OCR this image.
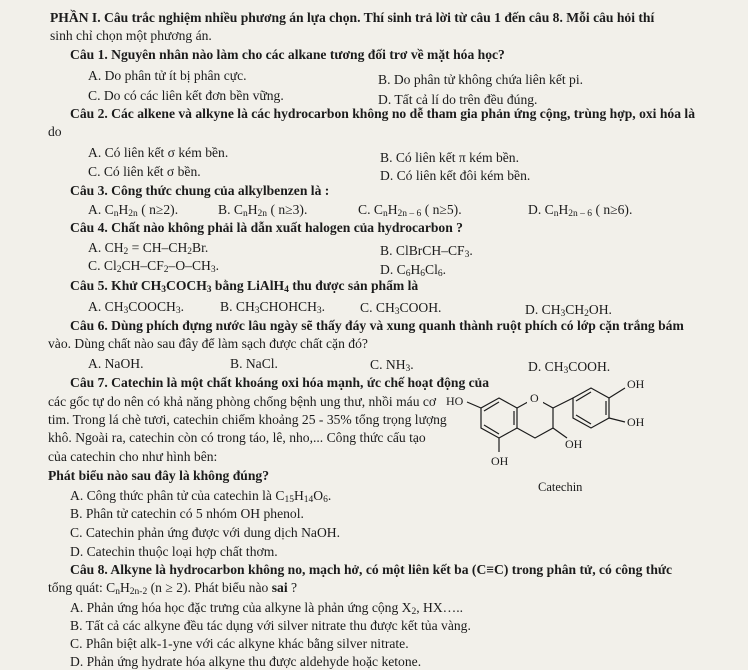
PHẦN I. Câu trắc nghiệm nhiều phương án lựa chọn. Thí sinh trả lời từ câu 1 đến câu 8. Mỗi câu hỏi thí
sinh chỉ chọn một phương án.
Câu 1. Nguyên nhân nào làm cho các alkane tương đối trơ về mặt hóa học?
A. Do phân tử ít bị phân cực.	B. Do phân tử không chứa liên kết pi.
C. Do có các liên kết đơn bền vững.	D. Tất cả lí do trên đều đúng.
Câu 2. Các alkene và alkyne là các hydrocarbon không no dễ tham gia phản ứng cộng, trùng hợp, oxi hóa là
do
A. Có liên kết σ kém bền.	B. Có liên kết π kém bền.
C. Có liên kết σ bền.	D. Có liên kết đôi kém bền.
Câu 3. Công thức chung của alkylbenzen là :
A. $C_nH_{2n}$ ( n≥2).	B. $C_nH_{2n}$ ( n≥3).	C. $C_nH_{2n - 6}$ ( n≥5).	D. $C_nH_{2n - 6}$ ( n≥6).
Câu 4. Chất nào không phải là dẫn xuất halogen của hydrocarbon ?
A. $CH_2 = CH-CH_2Br$.	B. ClBrCH–$CF_3$.
C. $Cl_2CH-CF_2-O-CH_3$.	D. $C_6H_6Cl_6$.
Câu 5. Khử $CH_3COCH_3$ bằng LiAlH$_4$ thu được sản phẩm là
A. $CH_3COOCH_3$.	B. $CH_3CHOHCH_3$.	C. $CH_3COOH$.	D. $CH_3CH_2OH$.
Câu 6. Dùng phích đựng nước lâu ngày sẽ thấy đáy và xung quanh thành ruột phích có lớp cặn trắng bám
vào. Dùng chất nào sau đây để làm sạch được chất cặn đó?
A. NaOH.	B. NaCl.	C. $NH_3$.	D. $CH_3COOH$.
Câu 7. Catechin là một chất khoáng oxi hóa mạnh, ức chế hoạt động của
các gốc tự do nên có khả năng phòng chống bệnh ung thư, nhồi máu cơ
tim. Trong lá chè tươi, catechin chiếm khoảng 25 - 35% tổng trọng lượng
khô. Ngoài ra, catechin còn có trong táo, lê, nho,... Công thức cấu tạo
của catechin cho như hình bên:
Phát biểu nào sau đây là không đúng?
HO	O
OH
OH
OH
OH
Catechin
A. Công thức phân tử của catechin là $C_{15}H_{14}O_6$.
B. Phân tử catechin có 5 nhóm OH phenol.
C. Catechin phản ứng được với dung dịch NaOH.
D. Catechin thuộc loại hợp chất thơm.
Câu 8. Alkyne là hydrocarbon không no, mạch hở, có một liên kết ba (C≡C) trong phân tử, có công thức
tổng quát: $C_nH_{2n-2}$ (n ≥ 2). Phát biểu nào sai ?
A. Phản ứng hóa học đặc trưng của alkyne là phản ứng cộng $X_2$, HX…..
B. Tất cả các alkyne đều tác dụng với silver nitrate thu được kết tủa vàng.
C. Phân biệt alk-1-yne với các alkyne khác bằng silver nitrate.
D. Phản ứng hydrate hóa alkyne thu được aldehyde hoặc ketone.
